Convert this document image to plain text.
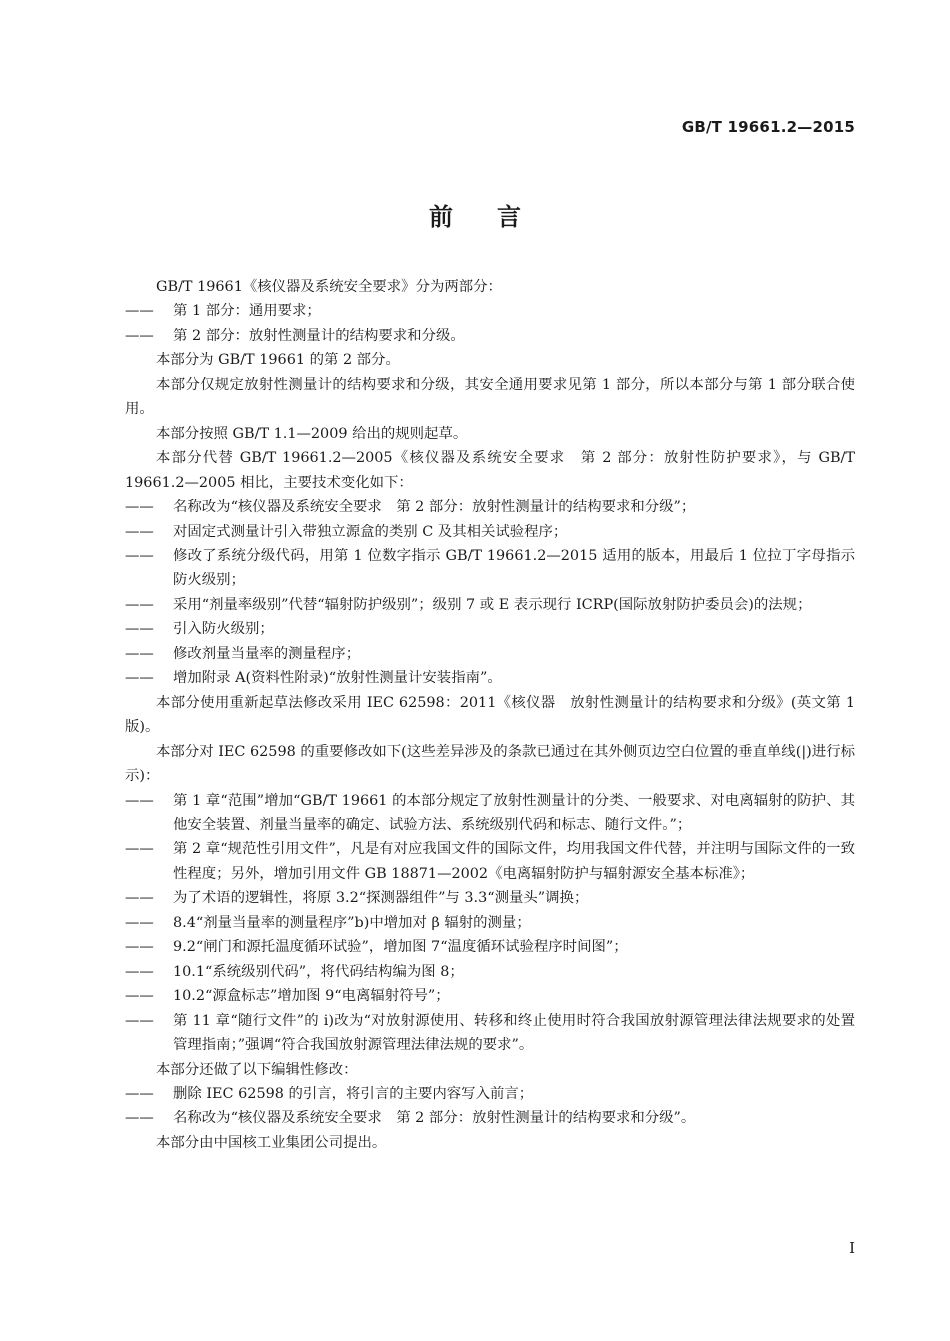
GB/T 19661.2—2015
前言

GB/T 19661《核仪器及系统安全要求》分为两部分：

——	第 1 部分：通用要求；
——	第 2 部分：放射性测量计的结构要求和分级。

本部分为 GB/T 19661 的第 2 部分。

本部分仅规定放射性测量计的结构要求和分级，其安全通用要求见第 1 部分，所以本部分与第 1 部分联合使用。

本部分按照 GB/T 1.1—2009 给出的规则起草。

本部分代替 GB/T 19661.2—2005《核仪器及系统安全要求　第 2 部分：放射性防护要求》，与 GB/T 19661.2—2005 相比，主要技术变化如下：

——	名称改为“核仪器及系统安全要求　第 2 部分：放射性测量计的结构要求和分级”；
——	对固定式测量计引入带独立源盒的类别 C 及其相关试验程序；
——	修改了系统分级代码，用第 1 位数字指示 GB/T 19661.2—2015 适用的版本，用最后 1 位拉丁字母指示防火级别；
——	采用“剂量率级别”代替“辐射防护级别”；级别 7 或 E 表示现行 ICRP(国际放射防护委员会)的法规；
——	引入防火级别；
——	修改剂量当量率的测量程序；
——	增加附录 A(资料性附录)“放射性测量计安装指南”。

本部分使用重新起草法修改采用 IEC 62598：2011《核仪器　放射性测量计的结构要求和分级》(英文第 1 版)。

本部分对 IEC 62598 的重要修改如下(这些差异涉及的条款已通过在其外侧页边空白位置的垂直单线(|)进行标示)：

——	第 1 章“范围”增加“GB/T 19661 的本部分规定了放射性测量计的分类、一般要求、对电离辐射的防护、其他安全装置、剂量当量率的确定、试验方法、系统级别代码和标志、随行文件。”；
——	第 2 章“规范性引用文件”，凡是有对应我国文件的国际文件，均用我国文件代替，并注明与国际文件的一致性程度；另外，增加引用文件 GB 18871—2002《电离辐射防护与辐射源安全基本标准》；
——	为了术语的逻辑性，将原 3.2“探测器组件”与 3.3“测量头”调换；
——	8.4“剂量当量率的测量程序”b)中增加对 β 辐射的测量；
——	9.2“闸门和源托温度循环试验”，增加图 7“温度循环试验程序时间图”；
——	10.1“系统级别代码”，将代码结构编为图 8；
——	10.2“源盒标志”增加图 9“电离辐射符号”；
——	第 11 章“随行文件”的 i)改为“对放射源使用、转移和终止使用时符合我国放射源管理法律法规要求的处置管理指南；”强调“符合我国放射源管理法律法规的要求”。

本部分还做了以下编辑性修改：

——	删除 IEC 62598 的引言，将引言的主要内容写入前言；
——	名称改为“核仪器及系统安全要求　第 2 部分：放射性测量计的结构要求和分级”。

本部分由中国核工业集团公司提出。

I
